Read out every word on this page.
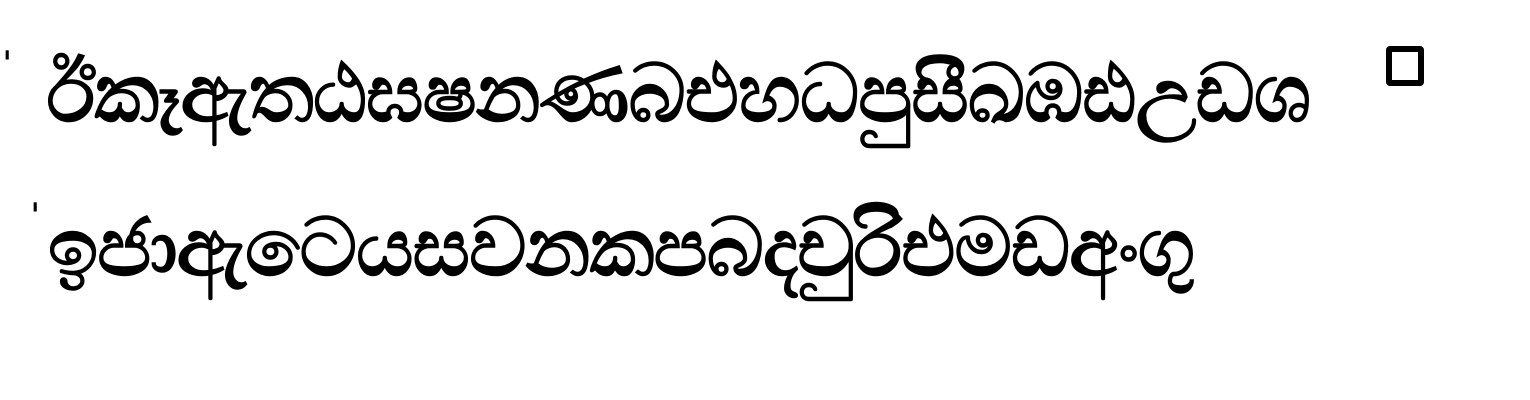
ˈ ඊකෑඇතඨඝෂනණබඑහධපුසීඛඹඪඋඩශ
ˈ ඉජාඇටෙයසවනකපබදචුරිඑමඩඅංගු
